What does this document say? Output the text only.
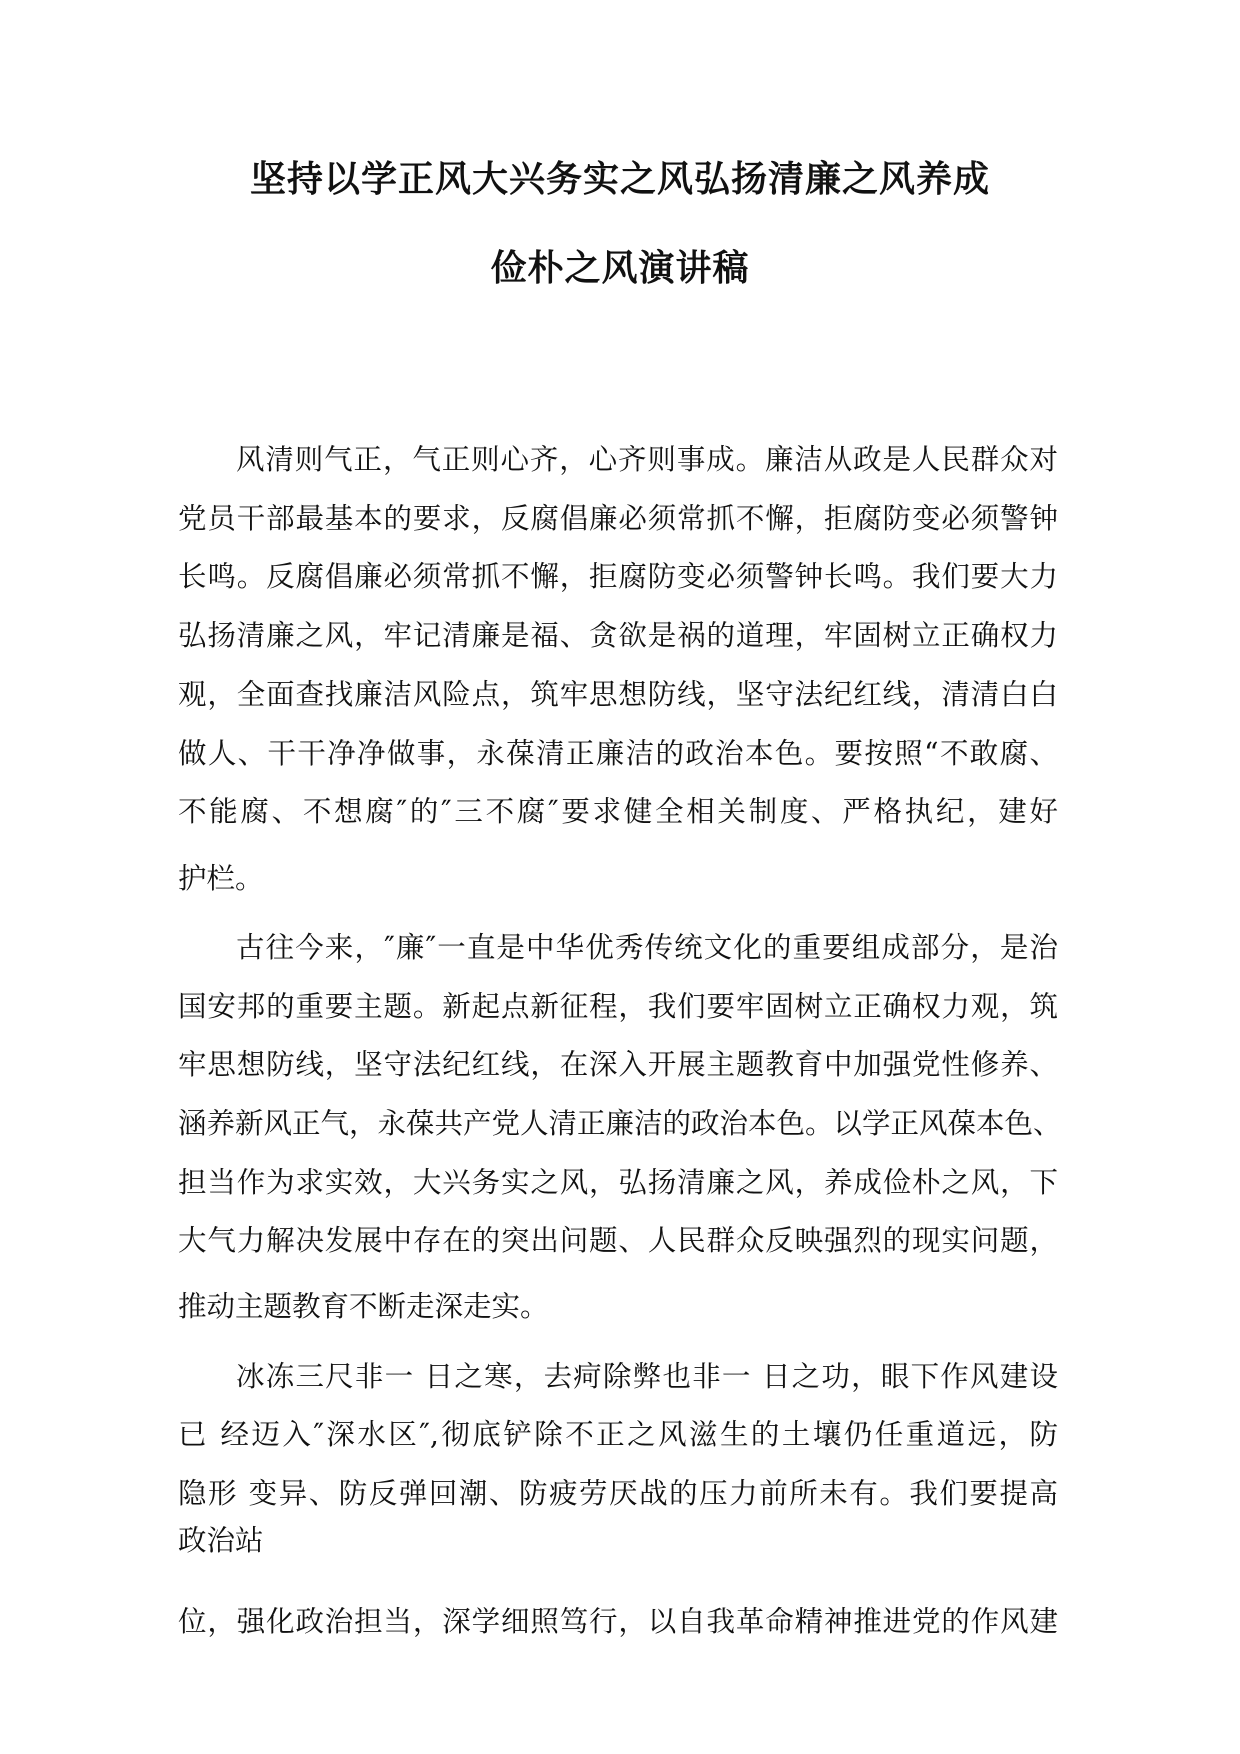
坚持以学正风大兴务实之风弘扬清廉之风养成
俭朴之风演讲稿
风清则气正，气正则心齐，心齐则事成。廉洁从政是人民群众对
党员干部最基本的要求，反腐倡廉必须常抓不懈，拒腐防变必须警钟
长鸣。反腐倡廉必须常抓不懈，拒腐防变必须警钟长鸣。我们要大力
弘扬清廉之风，牢记清廉是福、贪欲是祸的道理，牢固树立正确权力
观，全面查找廉洁风险点，筑牢思想防线，坚守法纪红线，清清白白
做人、干干净净做事，永葆清正廉洁的政治本色。要按照“不敢腐、
不能腐、不想腐″的″三不腐″要求健全相关制度、严格执纪，建好
护栏。
古往今来，″廉″一直是中华优秀传统文化的重要组成部分，是治
国安邦的重要主题。新起点新征程，我们要牢固树立正确权力观，筑
牢思想防线，坚守法纪红线，在深入开展主题教育中加强党性修养、
涵养新风正气，永葆共产党人清正廉洁的政治本色。以学正风葆本色、
担当作为求实效，大兴务实之风，弘扬清廉之风，养成俭朴之风，下
大气力解决发展中存在的突出问题、人民群众反映强烈的现实问题，
推动主题教育不断走深走实。
冰冻三尺非一 日之寒，去疴除弊也非一 日之功，眼下作风建设
已 经迈入″深水区″,彻底铲除不正之风滋生的土壤仍任重道远，防
隐形 变异、防反弹回潮、防疲劳厌战的压力前所未有。我们要提高
政治站
位，强化政治担当，深学细照笃行，以自我革命精神推进党的作风建
